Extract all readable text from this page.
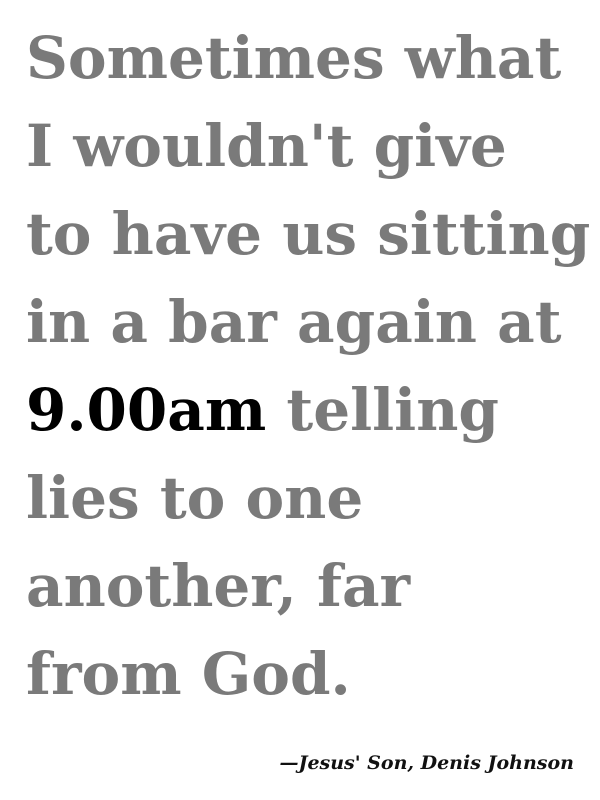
Sometimes what
I wouldn't give
to have us sitting
in a bar again at
9.00am telling
lies to one
another, far
from God.
—Jesus' Son, Denis Johnson
